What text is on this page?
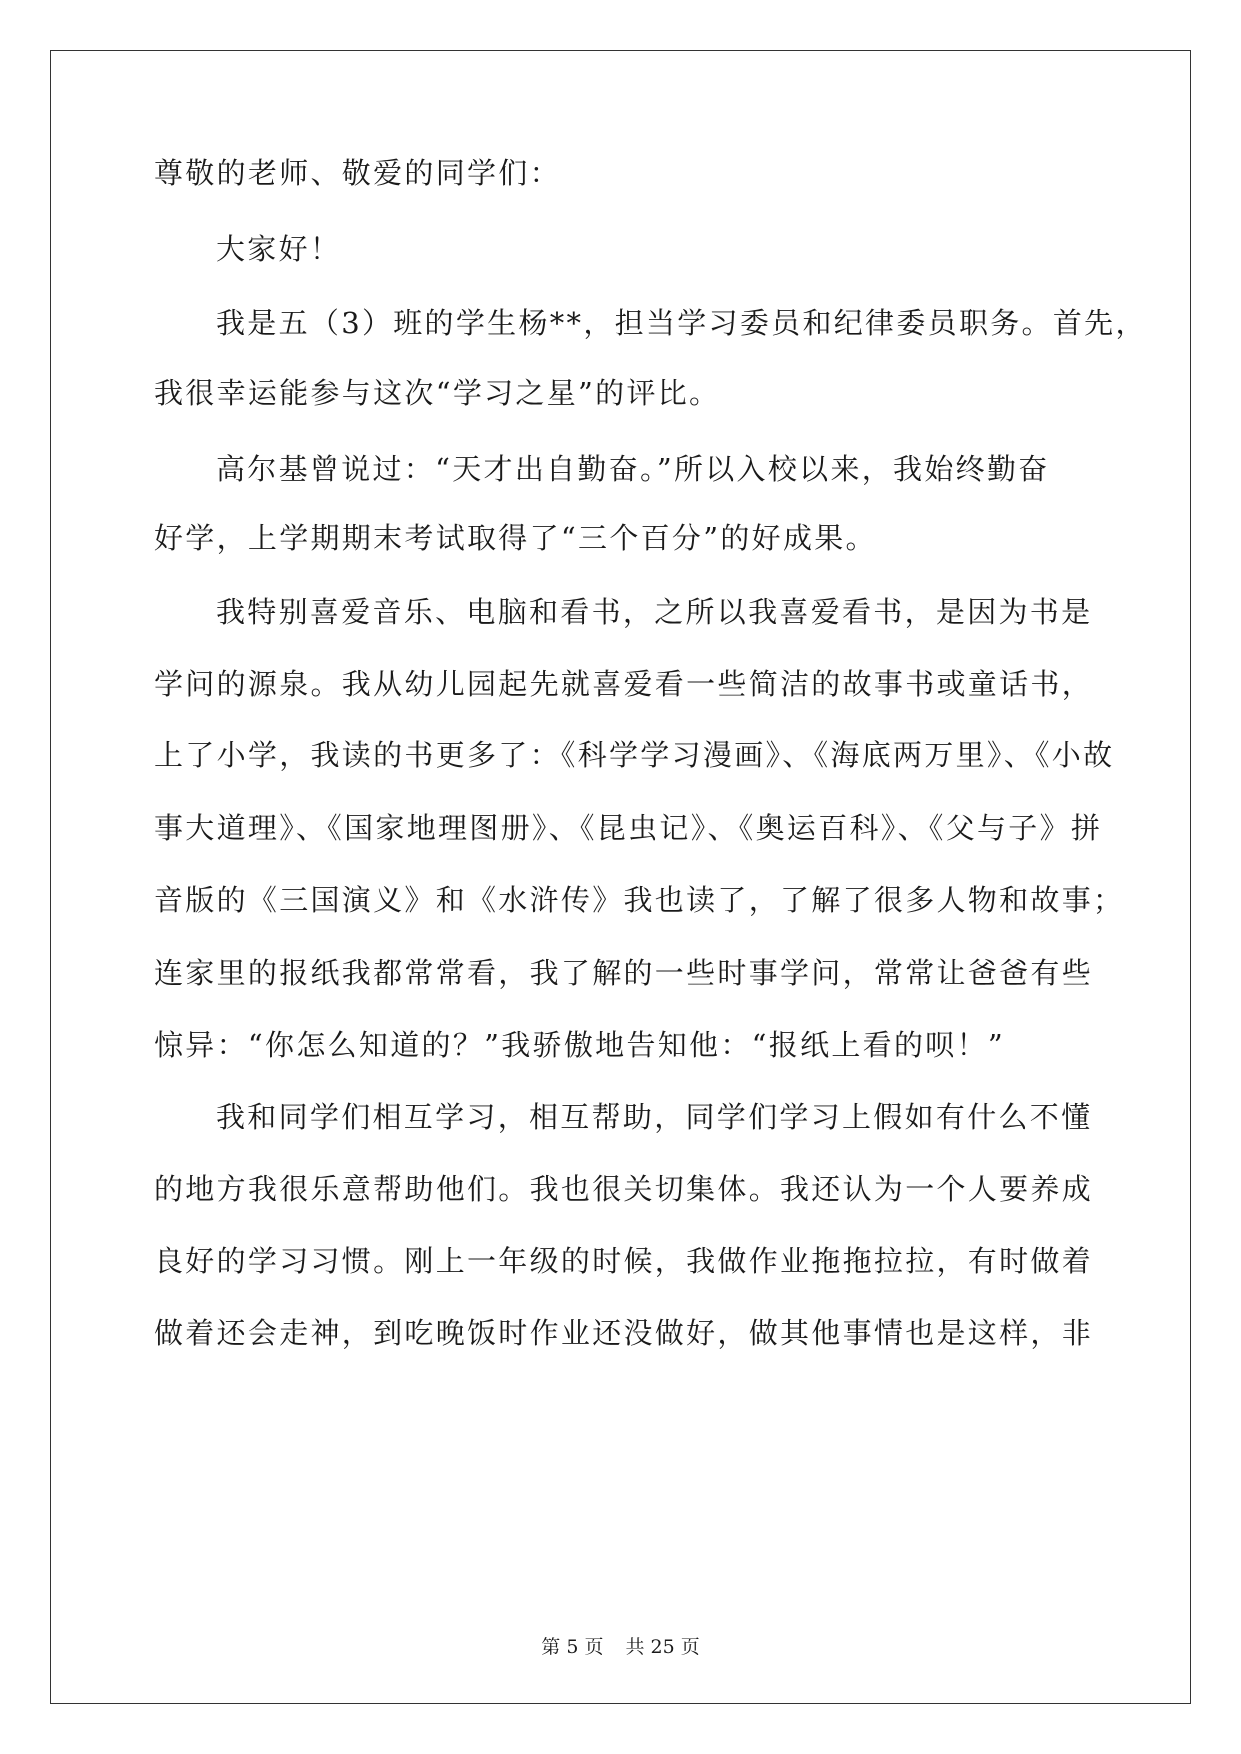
尊敬的老师、敬爱的同学们：

大家好！

我是五（3）班的学生杨**，担当学习委员和纪律委员职务。首先，

我很幸运能参与这次“学习之星”的评比。

高尔基曾说过：“天才出自勤奋。”所以入校以来，我始终勤奋

好学，上学期期末考试取得了“三个百分”的好成果。

我特别喜爱音乐、电脑和看书，之所以我喜爱看书，是因为书是

学问的源泉。我从幼儿园起先就喜爱看一些简洁的故事书或童话书，

上了小学，我读的书更多了：《科学学习漫画》、《海底两万里》、《小故

事大道理》、《国家地理图册》、《昆虫记》、《奥运百科》、《父与子》拼

音版的《三国演义》和《水浒传》我也读了，了解了很多人物和故事；

连家里的报纸我都常常看，我了解的一些时事学问，常常让爸爸有些

惊异：“你怎么知道的？”我骄傲地告知他：“报纸上看的呗！”

我和同学们相互学习，相互帮助，同学们学习上假如有什么不懂

的地方我很乐意帮助他们。我也很关切集体。我还认为一个人要养成

良好的学习习惯。刚上一年级的时候，我做作业拖拖拉拉，有时做着

做着还会走神，到吃晚饭时作业还没做好，做其他事情也是这样，非

第 5 页 共 25 页
